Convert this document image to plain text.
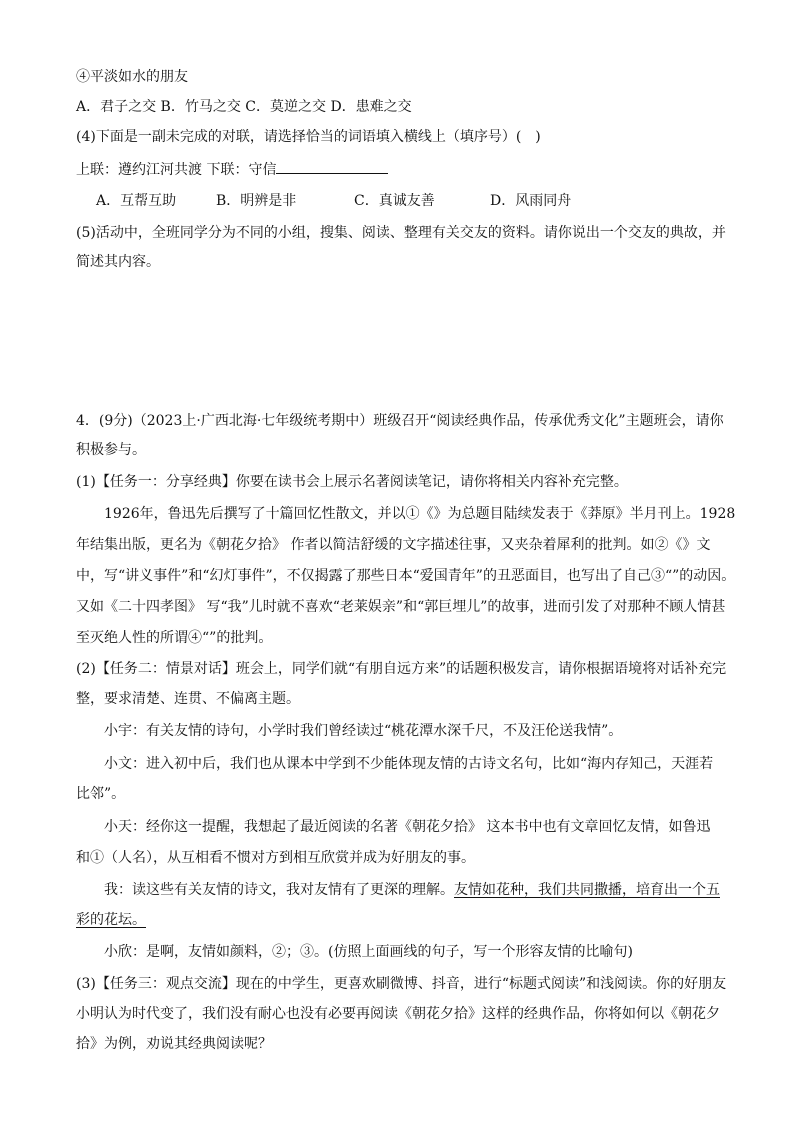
④平淡如水的朋友
A．君子之交 B．竹马之交 C．莫逆之交 D．患难之交
(4)下面是一副未完成的对联，请选择恰当的词语填入横线上（填序号）(　)
上联：遵约江河共渡 下联：守信
A．互帮互助	B．明辨是非	C．真诚友善	D．风雨同舟
(5)活动中，全班同学分为不同的小组，搜集、阅读、整理有关交友的资料。请你说出一个交友的典故，并
简述其内容。
4．(9分)（2023上·广西北海·七年级统考期中）班级召开“阅读经典作品，传承优秀文化”主题班会，请你
积极参与。
(1)【任务一：分享经典】你要在读书会上展示名著阅读笔记，请你将相关内容补充完整。
1926年，鲁迅先后撰写了十篇回忆性散文，并以①《》为总题目陆续发表于《莽原》半月刊上。1928
年结集出版，更名为《朝花夕拾》 作者以简洁舒缓的文字描述往事，又夹杂着犀利的批判。如②《》文
中，写“讲义事件”和“幻灯事件”，不仅揭露了那些日本“爱国青年”的丑恶面目，也写出了自己③“”的动因。
又如《二十四孝图》 写“我”儿时就不喜欢“老莱娱亲”和“郭巨埋儿”的故事，进而引发了对那种不顾人情甚
至灭绝人性的所谓④“”的批判。
(2)【任务二：情景对话】班会上，同学们就“有朋自远方来”的话题积极发言，请你根据语境将对话补充完
整，要求清楚、连贯、不偏离主题。
小宇：有关友情的诗句，小学时我们曾经读过“桃花潭水深千尺，不及汪伦送我情”。
小文：进入初中后，我们也从课本中学到不少能体现友情的古诗文名句，比如“海内存知己，天涯若
比邻”。
小天：经你这一提醒，我想起了最近阅读的名著《朝花夕拾》 这本书中也有文章回忆友情，如鲁迅
和①（人名），从互相看不惯对方到相互欣赏并成为好朋友的事。
我：读这些有关友情的诗文，我对友情有了更深的理解。友情如花种，我们共同撒播，培育出一个五
彩的花坛。
小欣：是啊，友情如颜料，②；③。(仿照上面画线的句子，写一个形容友情的比喻句)
(3)【任务三：观点交流】现在的中学生，更喜欢刷微博、抖音，进行“标题式阅读”和浅阅读。你的好朋友
小明认为时代变了，我们没有耐心也没有必要再阅读《朝花夕拾》这样的经典作品，你将如何以《朝花夕
拾》为例，劝说其经典阅读呢？
